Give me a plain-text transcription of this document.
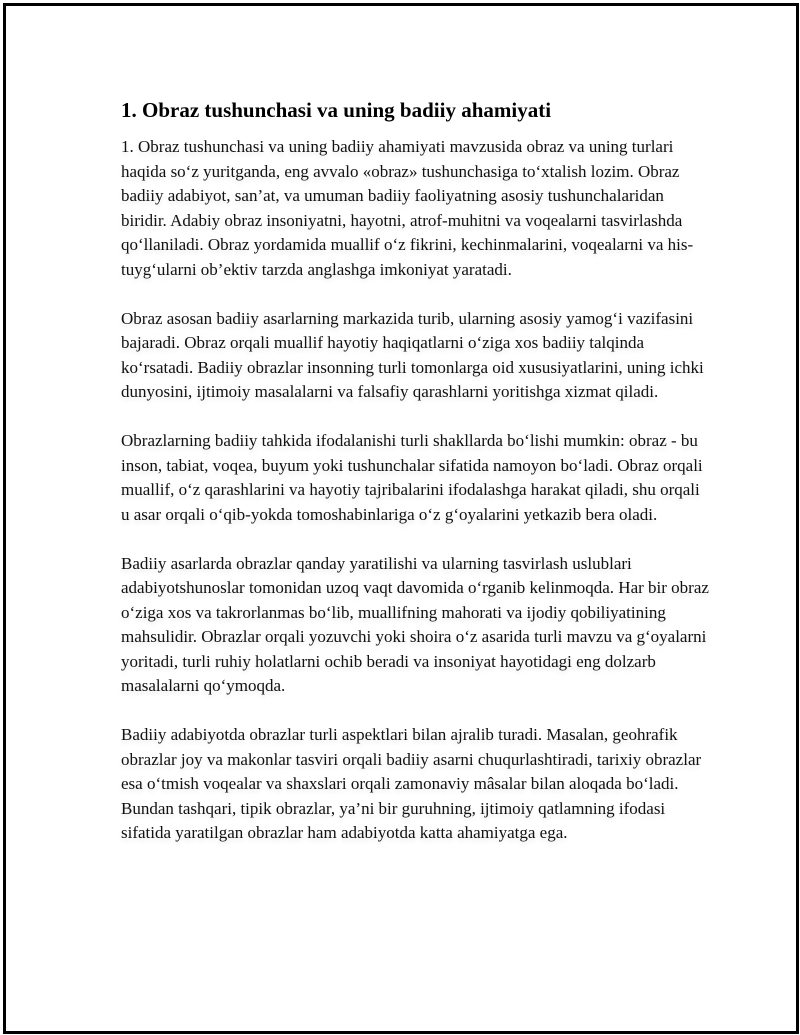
1. Obraz tushunchasi va uning badiiy ahamiyati

1. Obraz tushunchasi va uning badiiy ahamiyati mavzusida obraz va uning turlari haqida so‘z yuritganda, eng avvalo «obraz» tushunchasiga to‘xtalish lozim. Obraz badiiy adabiyot, san’at, va umuman badiiy faoliyatning asosiy tushunchalaridan biridir. Adabiy obraz insoniyatni, hayotni, atrof-muhitni va voqealarni tasvirlashda qo‘llaniladi. Obraz yordamida muallif o‘z fikrini, kechinmalarini, voqealarni va his-tuyg‘ularni ob’ektiv tarzda anglashga imkoniyat yaratadi.

Obraz asosan badiiy asarlarning markazida turib, ularning asosiy yamog‘i vazifasini bajaradi. Obraz orqali muallif hayotiy haqiqatlarni o‘ziga xos badiiy talqinda ko‘rsatadi. Badiiy obrazlar insonning turli tomonlarga oid xususiyatlarini, uning ichki dunyosini, ijtimoiy masalalarni va falsafiy qarashlarni yoritishga xizmat qiladi.

Obrazlarning badiiy tahkida ifodalanishi turli shakllarda bo‘lishi mumkin: obraz - bu inson, tabiat, voqea, buyum yoki tushunchalar sifatida namoyon bo‘ladi. Obraz orqali muallif, o‘z qarashlarini va hayotiy tajribalarini ifodalashga harakat qiladi, shu orqali u asar orqali o‘qib-yokda tomoshabinlariga o‘z g‘oyalarini yetkazib bera oladi.

Badiiy asarlarda obrazlar qanday yaratilishi va ularning tasvirlash uslublari adabiyotshunoslar tomonidan uzoq vaqt davomida o‘rganib kelinmoqda. Har bir obraz o‘ziga xos va takrorlanmas bo‘lib, muallifning mahorati va ijodiy qobiliyatining mahsulidir. Obrazlar orqali yozuvchi yoki shoira o‘z asarida turli mavzu va g‘oyalarni yoritadi, turli ruhiy holatlarni ochib beradi va insoniyat hayotidagi eng dolzarb masalalarni qo‘ymoqda.

Badiiy adabiyotda obrazlar turli aspektlari bilan ajralib turadi. Masalan, geohrafik obrazlar joy va makonlar tasviri orqali badiiy asarni chuqurlashtiradi, tarixiy obrazlar esa o‘tmish voqealar va shaxslari orqali zamonaviy mâsalar bilan aloqada bo‘ladi. Bundan tashqari, tipik obrazlar, ya’ni bir guruhning, ijtimoiy qatlamning ifodasi sifatida yaratilgan obrazlar ham adabiyotda katta ahamiyatga ega.
